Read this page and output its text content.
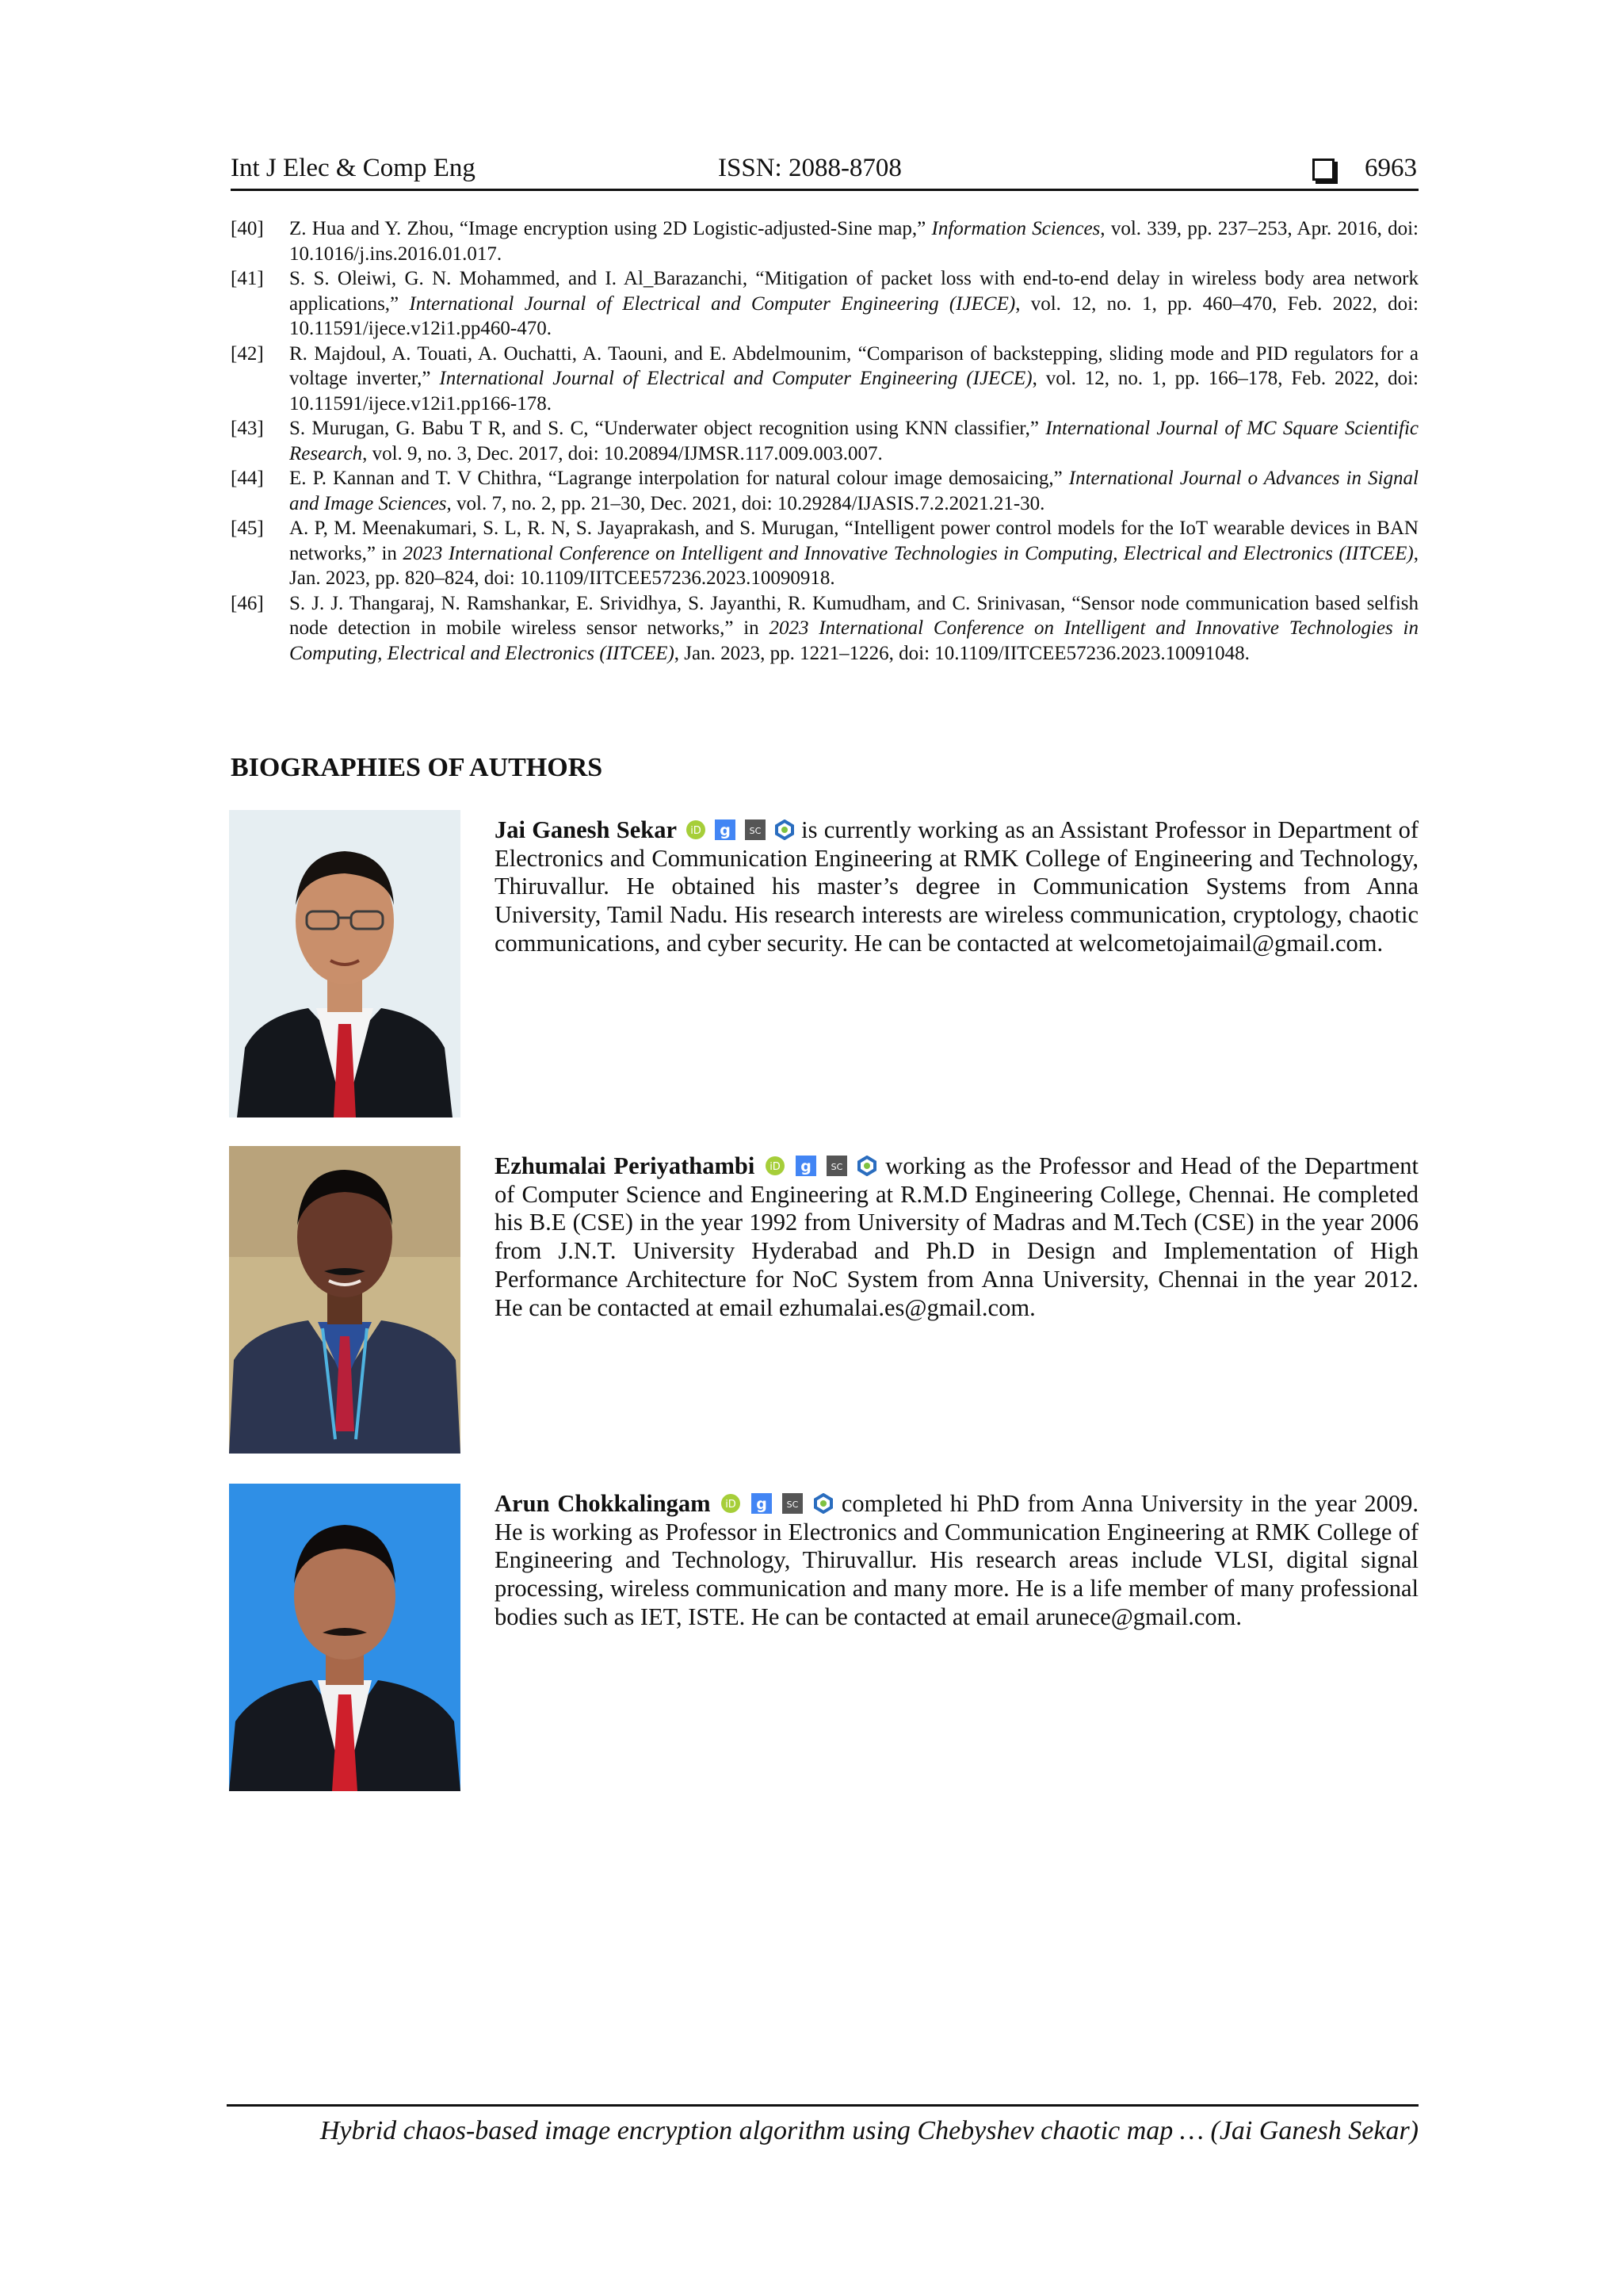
Int J Elec & Comp Eng	ISSN: 2088-8708	6963
[40] Z. Hua and Y. Zhou, “Image encryption using 2D Logistic-adjusted-Sine map,” Information Sciences, vol. 339, pp. 237–253, Apr. 2016, doi: 10.1016/j.ins.2016.01.017.
[41] S. S. Oleiwi, G. N. Mohammed, and I. Al_Barazanchi, “Mitigation of packet loss with end-to-end delay in wireless body area network applications,” International Journal of Electrical and Computer Engineering (IJECE), vol. 12, no. 1, pp. 460–470, Feb. 2022, doi: 10.11591/ijece.v12i1.pp460-470.
[42] R. Majdoul, A. Touati, A. Ouchatti, A. Taouni, and E. Abdelmounim, “Comparison of backstepping, sliding mode and PID regulators for a voltage inverter,” International Journal of Electrical and Computer Engineering (IJECE), vol. 12, no. 1, pp. 166–178, Feb. 2022, doi: 10.11591/ijece.v12i1.pp166-178.
[43] S. Murugan, G. Babu T R, and S. C, “Underwater object recognition using KNN classifier,” International Journal of MC Square Scientific Research, vol. 9, no. 3, Dec. 2017, doi: 10.20894/IJMSR.117.009.003.007.
[44] E. P. Kannan and T. V Chithra, “Lagrange interpolation for natural colour image demosaicing,” International Journal o Advances in Signal and Image Sciences, vol. 7, no. 2, pp. 21–30, Dec. 2021, doi: 10.29284/IJASIS.7.2.2021.21-30.
[45] A. P, M. Meenakumari, S. L, R. N, S. Jayaprakash, and S. Murugan, “Intelligent power control models for the IoT wearable devices in BAN networks,” in 2023 International Conference on Intelligent and Innovative Technologies in Computing, Electrical and Electronics (IITCEE), Jan. 2023, pp. 820–824, doi: 10.1109/IITCEE57236.2023.10090918.
[46] S. J. J. Thangaraj, N. Ramshankar, E. Srividhya, S. Jayanthi, R. Kumudham, and C. Srinivasan, “Sensor node communication based selfish node detection in mobile wireless sensor networks,” in 2023 International Conference on Intelligent and Innovative Technologies in Computing, Electrical and Electronics (IITCEE), Jan. 2023, pp. 1221–1226, doi: 10.1109/IITCEE57236.2023.10091048.
BIOGRAPHIES OF AUTHORS
Jai Ganesh Sekar iD
g
SC is currently working as an Assistant Professor in Department of Electronics and Communication Engineering at RMK College of Engineering and Technology, Thiruvallur. He obtained his master’s degree in Communication Systems from Anna University, Tamil Nadu. His research interests are wireless communication, cryptology, chaotic communications, and cyber security. He can be contacted at welcometojaimail@gmail.com.
Ezhumalai Periyathambi iD
g
SC working as the Professor and Head of the Department of Computer Science and Engineering at R.M.D Engineering College, Chennai. He completed his B.E (CSE) in the year 1992 from University of Madras and M.Tech (CSE) in the year 2006 from J.N.T. University Hyderabad and Ph.D in Design and Implementation of High Performance Architecture for NoC System from Anna University, Chennai in the year 2012. He can be contacted at email ezhumalai.es@gmail.com.
Arun Chokkalingam iD
g
SC completed hi PhD from Anna University in the year 2009. He is working as Professor in Electronics and Communication Engineering at RMK College of Engineering and Technology, Thiruvallur. His research areas include VLSI, digital signal processing, wireless communication and many more. He is a life member of many professional bodies such as IET, ISTE. He can be contacted at email arunece@gmail.com.
Hybrid chaos-based image encryption algorithm using Chebyshev chaotic map … (Jai Ganesh Sekar)
